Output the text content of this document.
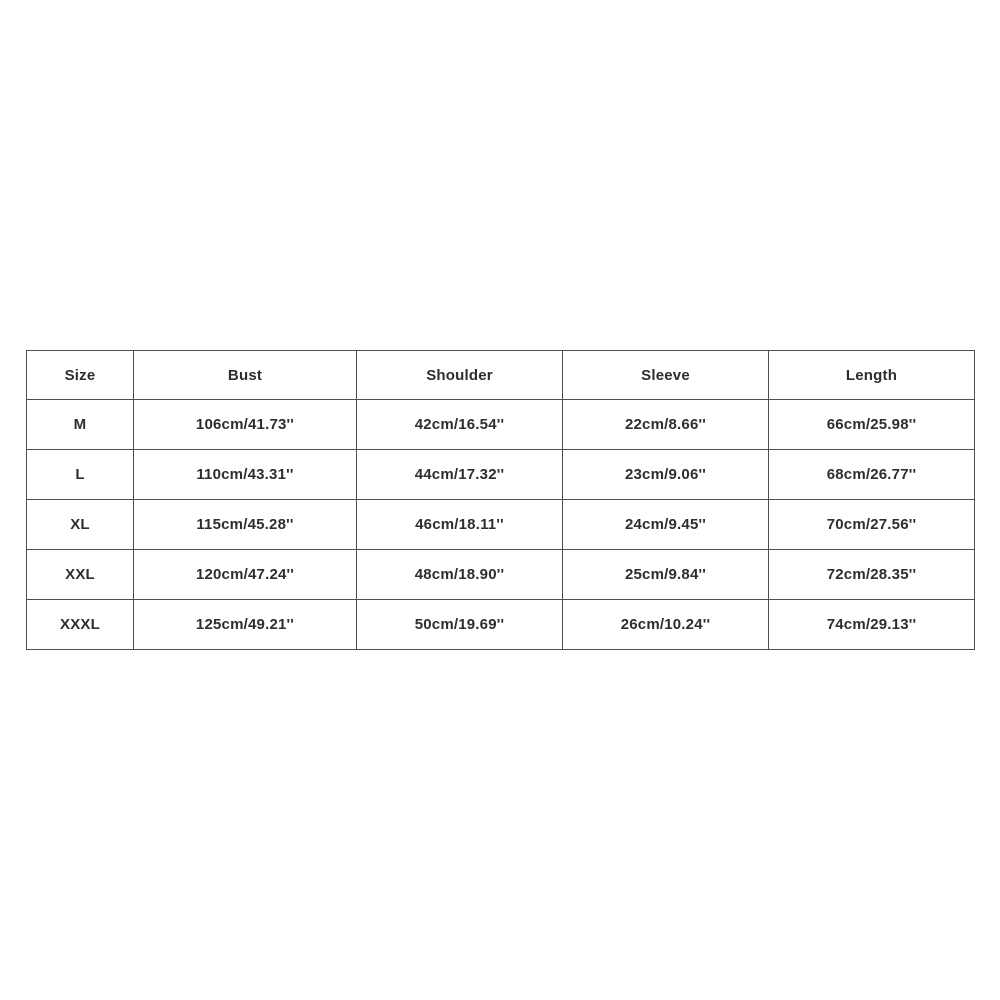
Size	Bust	Shoulder	Sleeve	Length
M	106cm/41.73''	42cm/16.54''	22cm/8.66''	66cm/25.98''
L	110cm/43.31''	44cm/17.32''	23cm/9.06''	68cm/26.77''
XL	115cm/45.28''	46cm/18.11''	24cm/9.45''	70cm/27.56''
XXL	120cm/47.24''	48cm/18.90''	25cm/9.84''	72cm/28.35''
XXXL	125cm/49.21''	50cm/19.69''	26cm/10.24''	74cm/29.13''
